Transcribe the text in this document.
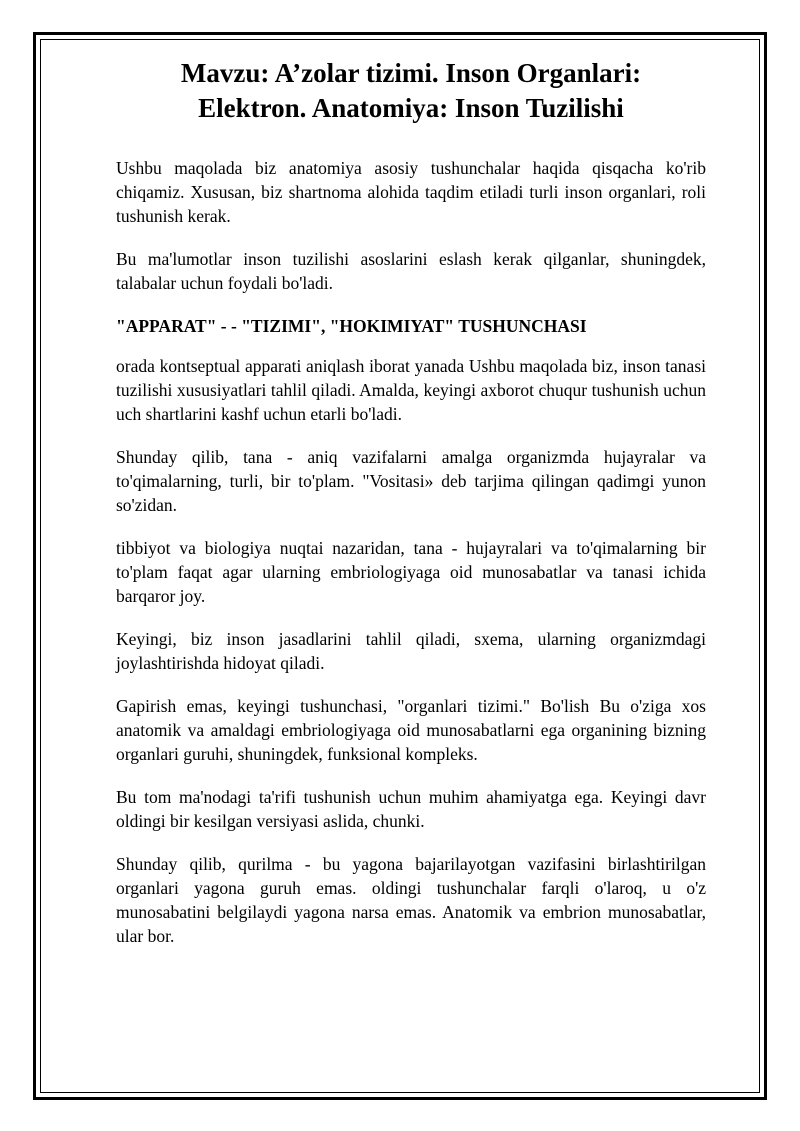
Mavzu: A’zolar tizimi. Inson Organlari:
Elektron. Anatomiya: Inson Tuzilishi

Ushbu maqolada biz anatomiya asosiy tushunchalar haqida qisqacha ko'rib chiqamiz. Xususan, biz shartnoma alohida taqdim etiladi turli inson organlari, roli tushunish kerak.

Bu ma'lumotlar inson tuzilishi asoslarini eslash kerak qilganlar, shuningdek, talabalar uchun foydali bo'ladi.

"APPARAT" - - "TIZIMI", "HOKIMIYAT" TUSHUNCHASI

orada kontseptual apparati aniqlash iborat yanada Ushbu maqolada biz, inson tanasi tuzilishi xususiyatlari tahlil qiladi. Amalda, keyingi axborot chuqur tushunish uchun uch shartlarini kashf uchun etarli bo'ladi.

Shunday qilib, tana - aniq vazifalarni amalga organizmda hujayralar va to'qimalarning, turli, bir to'plam. "Vositasi» deb tarjima qilingan qadimgi yunon so'zidan.

tibbiyot va biologiya nuqtai nazaridan, tana - hujayralari va to'qimalarning bir to'plam faqat agar ularning embriologiyaga oid munosabatlar va tanasi ichida barqaror joy.

Keyingi, biz inson jasadlarini tahlil qiladi, sxema, ularning organizmdagi joylashtirishda hidoyat qiladi.

Gapirish emas, keyingi tushunchasi, "organlari tizimi." Bo'lish Bu o'ziga xos anatomik va amaldagi embriologiyaga oid munosabatlarni ega organining bizning organlari guruhi, shuningdek, funksional kompleks.

Bu tom ma'nodagi ta'rifi tushunish uchun muhim ahamiyatga ega. Keyingi davr oldingi bir kesilgan versiyasi aslida, chunki.

Shunday qilib, qurilma - bu yagona bajarilayotgan vazifasini birlashtirilgan organlari yagona guruh emas. oldingi tushunchalar farqli o'laroq, u o'z munosabatini belgilaydi yagona narsa emas. Anatomik va embrion munosabatlar, ular bor.
